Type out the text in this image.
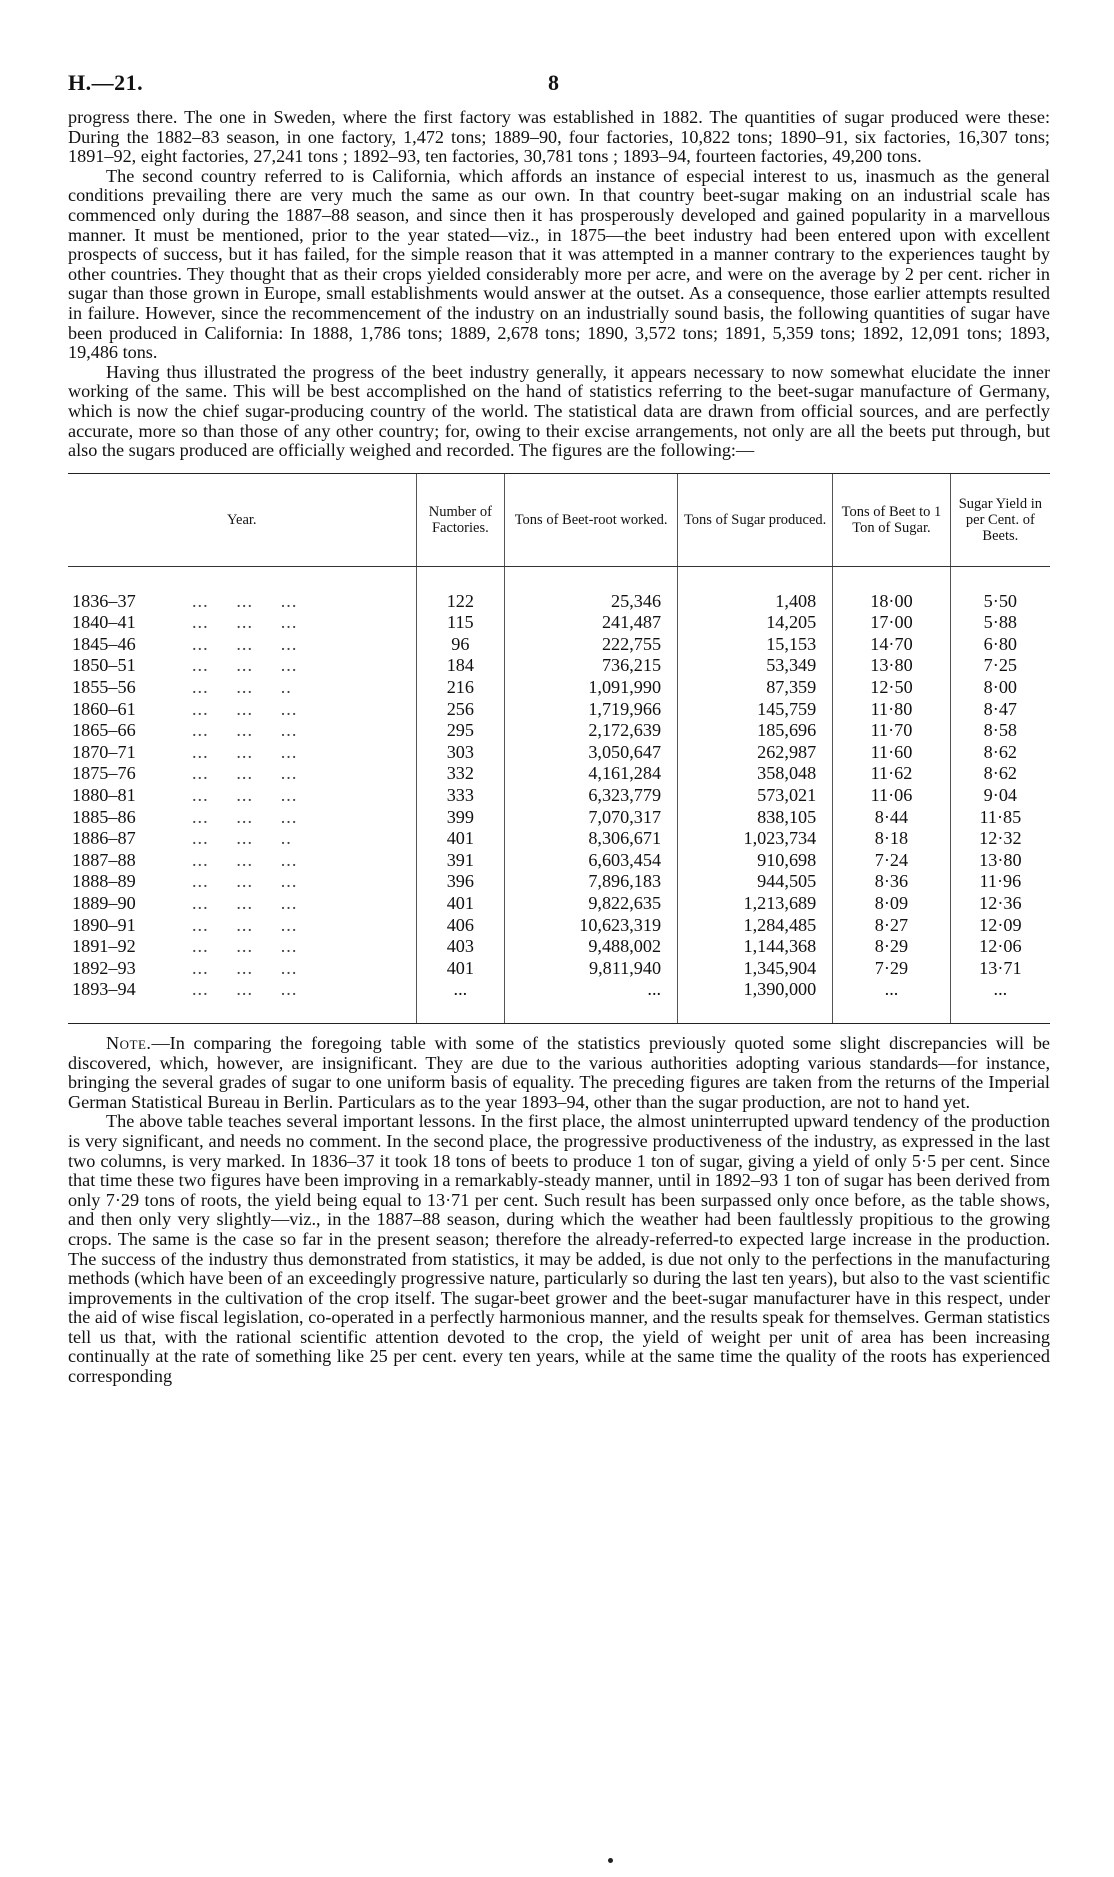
H.—21.	8

progress there. The one in Sweden, where the first factory was established in 1882. The quantities of sugar produced were these: During the 1882–83 season, in one factory, 1,472 tons; 1889–90, four factories, 10,822 tons; 1890–91, six factories, 16,307 tons; 1891–92, eight factories, 27,241 tons ; 1892–93, ten factories, 30,781 tons ; 1893–94, fourteen factories, 49,200 tons.

The second country referred to is California, which affords an instance of especial interest to us, inasmuch as the general conditions prevailing there are very much the same as our own. In that country beet-sugar making on an industrial scale has commenced only during the 1887–88 season, and since then it has prosperously developed and gained popularity in a marvellous manner. It must be mentioned, prior to the year stated—viz., in 1875—the beet industry had been entered upon with excellent prospects of success, but it has failed, for the simple reason that it was attempted in a manner contrary to the experiences taught by other countries. They thought that as their crops yielded considerably more per acre, and were on the average by 2 per cent. richer in sugar than those grown in Europe, small establishments would answer at the outset. As a consequence, those earlier attempts resulted in failure. However, since the recommencement of the industry on an industrially sound basis, the following quantities of sugar have been produced in California: In 1888, 1,786 tons; 1889, 2,678 tons; 1890, 3,572 tons; 1891, 5,359 tons; 1892, 12,091 tons; 1893, 19,486 tons.

Having thus illustrated the progress of the beet industry generally, it appears necessary to now somewhat elucidate the inner working of the same. This will be best accomplished on the hand of statistics referring to the beet-sugar manufacture of Germany, which is now the chief sugar-producing country of the world. The statistical data are drawn from official sources, and are perfectly accurate, more so than those of any other country; for, owing to their excise arrangements, not only are all the beets put through, but also the sugars produced are officially weighed and recorded. The figures are the following:—

Year.	Number of Factories.	Tons of Beet-root worked.	Tons of Sugar produced.	Tons of Beet to 1 Ton of Sugar.	Sugar Yield in per Cent. of Beets.
1836–37 ...     ...     ...	122	25,346	1,408	18·00	5·50
1840–41 ...     ...     ...	115	241,487	14,205	17·00	5·88
1845–46 ...     ...     ...	96	222,755	15,153	14·70	6·80
1850–51 ...     ...     ...	184	736,215	53,349	13·80	7·25
1855–56 ...     ...     ..	216	1,091,990	87,359	12·50	8·00
1860–61 ...     ...     ...	256	1,719,966	145,759	11·80	8·47
1865–66 ...     ...     ...	295	2,172,639	185,696	11·70	8·58
1870–71 ...     ...     ...	303	3,050,647	262,987	11·60	8·62
1875–76 ...     ...     ...	332	4,161,284	358,048	11·62	8·62
1880–81 ...     ...     ...	333	6,323,779	573,021	11·06	9·04
1885–86 ...     ...     ...	399	7,070,317	838,105	8·44	11·85
1886–87 ...     ...     ..	401	8,306,671	1,023,734	8·18	12·32
1887–88 ...     ...     ...	391	6,603,454	910,698	7·24	13·80
1888–89 ...     ...     ...	396	7,896,183	944,505	8·36	11·96
1889–90 ...     ...     ...	401	9,822,635	1,213,689	8·09	12·36
1890–91 ...     ...     ...	406	10,623,319	1,284,485	8·27	12·09
1891–92 ...     ...     ...	403	9,488,002	1,144,368	8·29	12·06
1892–93 ...     ...     ...	401	9,811,940	1,345,904	7·29	13·71
1893–94 ...     ...     ...	...	...	1,390,000	...	...

Note.—In comparing the foregoing table with some of the statistics previously quoted some slight discrepancies will be discovered, which, however, are insignificant. They are due to the various authorities adopting various standards—for instance, bringing the several grades of sugar to one uniform basis of equality. The preceding figures are taken from the returns of the Imperial German Statistical Bureau in Berlin. Particulars as to the year 1893–94, other than the sugar production, are not to hand yet.

The above table teaches several important lessons. In the first place, the almost uninterrupted upward tendency of the production is very significant, and needs no comment. In the second place, the progressive productiveness of the industry, as expressed in the last two columns, is very marked. In 1836–37 it took 18 tons of beets to produce 1 ton of sugar, giving a yield of only 5·5 per cent. Since that time these two figures have been improving in a remarkably-steady manner, until in 1892–93 1 ton of sugar has been derived from only 7·29 tons of roots, the yield being equal to 13·71 per cent. Such result has been surpassed only once before, as the table shows, and then only very slightly—viz., in the 1887–88 season, during which the weather had been faultlessly propitious to the growing crops. The same is the case so far in the present season; therefore the already-referred-to expected large increase in the production. The success of the industry thus demonstrated from statistics, it may be added, is due not only to the perfections in the manufacturing methods (which have been of an exceedingly progressive nature, particularly so during the last ten years), but also to the vast scientific improvements in the cultivation of the crop itself. The sugar-beet grower and the beet-sugar manufacturer have in this respect, under the aid of wise fiscal legislation, co-operated in a perfectly harmonious manner, and the results speak for themselves. German statistics tell us that, with the rational scientific attention devoted to the crop, the yield of weight per unit of area has been increasing continually at the rate of something like 25 per cent. every ten years, while at the same time the quality of the roots has experienced corresponding
